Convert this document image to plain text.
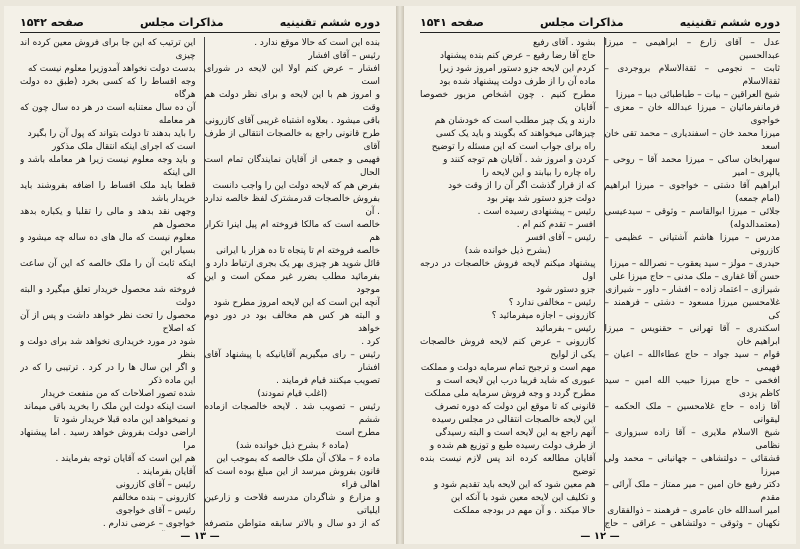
دوره ششم تقنینیه
مذاکرات مجلس
صفحه ۱۵۴۲

بنده این است که حالا موقع ندارد .

رئیس – آقای افشار

افشار – عرض کنم اولا این لایحه در شورای است

و امروز هم با این لایحه و برای نظر دولت هم وقت

باقی میشود . بعلاوه اشتباه غریبی آقای کازرونی

طرح قانونی راجع به خالصجات انتقالی از طرف آقای

فهیمی و جمعی از آقایان نمایندگان تمام است الحال

بفرض هم که لایحه دولت این را واجب دانست

بفروش خالصجات قدرمشترک لفظ خالصه ندارد . آن

خالصه است که مالکا فروخته ام پیل اینرا تکرار هم

خالصه فروخته ام تا پنجاه تا ده هزار با ایرانی

قائل شوید هر چیزی بهر یک بجری ارتباط دارد و

بفرمائید مطلب بضرر غیر ممکن است و این موجود

آنچه این است که این لایحه امروز مطرح شود

و البته هر کس هم مخالف بود در دور دوم خواهد

کرد .

رئیس – رای میگیریم آقایانیکه با پیشنهاد آقای افشار

تصویب میکنند قیام فرمایند .

(اغلب قیام نمودند)

رئیس – تصویب شد . لایحه خالصجات ازماده ششم

مطرح است

(ماده ۶ بشرح ذیل خوانده شد)

ماده ۶ – ملاک آن ملک خالصه که بموجب این

قانون بفروش میرسد از این مبلغ بوده است که اهالی قراء

و مزارع و شاگردان مدرسه فلاحت و زارعین ایلیاتی

که از دو سال و بالاتر سابقه متواطن متصرفه

این ترتیب که این جا برای فروش معین کرده اند چیزی

بدست دولت نخواهد آمدوزیرا معلوم نیست که

وجه اقساط را که کسی بخرد (طبق ده دولت هرگاه

آن ده سال معتنابه است در هر ده سال چون که هر معامله

را باید بدهند تا دولت بتواند که پول آن را بگیرد

است که اجرای اینکه انتقال ملک مذکور

و باید وجه معلوم نیست زیرا هر معامله باشد و الی اینکه

قطعا باید ملک اقساط را اضافه بفروشند باید خریدار باشد

وجهی نقد بدهد و مالی را تقلبا و یکباره بدهد محصول هم

معلوم نیست که مال های ده ساله چه میشود و بسیار این

اینکه ثابت آن را ملک خالصه که این آن ساعت که

فروخته شد محصول خریدار تعلق میگیرد و البته دولت

محصول را تحت نظر خواهد داشت و پس از آن که اصلاح

شود در مورد خریداری نخواهد شد برای دولت و بنظر

و اگر این سال ها را در کرد . ترتیبی را که در این ماده ذکر

شده تصور اصلاحات که من منفعت خریدار

است اینکه دولت این ملک را بخرید باقی میماند

و نمیخواهد این ماده قبلا خریدار شود تا

اراضی دولت بفروش خواهد رسید . اما پیشنهاد مرا

هم این است که آقایان توجه بفرمایند .

آقایان بفرمایند .

رئیس – آقای کازرونی

کازرونی – بنده مخالفم

رئیس – آقای خواجوی

خواجوی – عرضی ندارم .

— ۱۳ —
دوره ششم تقنینیه
مذاکرات مجلس
صفحه ۱۵۴۱

عدل – آقای زارع – ابراهیمی – میرزا عبدالحسین

ثابت – نجومی – ثقةالاسلام بروجردی – ثقةالاسلام

شیخ العراقین – بیات – طباطبائی دیبا – میرزا

فرمانفرمائیان – میرزا عبدالله خان – معزی – خواجوی

میرزا محمد خان – اسفندیاری – محمد تقی خان اسعد

سهرابخان ساکی – میرزا محمد آقا – روحی – یالپری – امیر

ابراهیم آقا دشتی – خواجوی – میرزا ابراهیم (امام جمعه)

جلائی – میرزا ابوالقاسم – وثوقی – سیدعیسی (معتمدالدوله)

مدرس – میرزا هاشم آشتیانی – عظیمی – کازرونی

حیدری – مولز – سید یعقوب – نصرالله – میرزا

حسن آقا غفاری – ملک مدنی – حاج میرزا علی

شیرازی – اعتماد زاده – افشار – داور – شیرازی

غلامحسین میرزا مسعود – دشتی – فرهمند – کی

اسکندری – آقا تهرانی – حقنویس – میرزا ابراهیم خان

قوام – سید جواد – حاج عطاءالله – اعیان – فهیمی

افخمی – حاج میرزا حبیب الله امین – سید کاظم یزدی

آقا زاده – حاج غلامحسین – ملک الحکمه – لیقوانی

شیخ الاسلام ملایری – آقا زاده سبزواری – نظامی

قشقائی – دولتشاهی – جهانبانی – محمد ولی میرزا

دکتر رفیع خان امین – میر ممتاز – ملک آرائی – مقدم

امیر اسدالله خان عامری – فرهمند – ذوالفقاری

نکهبان – وثوقی – دولتشاهی – عراقی – حاج

بشود . آقای رفیع

حاج آقا رضا رفیع – عرض کنم بنده پیشنهاد

کردم این لایحه جزو دستور امروز شود زیرا

ماده آن را از طرف دولت پیشنهاد شده بود

مطرح کنیم . چون اشخاص مزبور خصوصا آقایان

دارند و یک چیز مطلب است که خودشان هم

چیزهائی میخواهند که بگویند و باید یک کسی

راه برای جواب است که این مسئله را توضیح

کردن و امروز شد . آقایان هم توجه کنند و

راه چاره را بیابند و این لایحه را

که از قرار گذشت اگر آن را از وقت خود

دولت جزو دستور شد بهتر بود

رئیس – پیشنهادی رسیده است .

افسر – تقدم کنم ام .

رئیس – آقای افسر

(بشرح ذیل خوانده شد)

پیشنهاد میکنم لایحه فروش خالصجات در درجه اول

جزو دستور شود

رئیس – مخالفی ندارد ؟

کازرونی – اجازه میفرمائید ؟

رئیس – بفرمائید

کازرونی – عرض کنم لایحه فروش خالصجات یکی از لوایح

مهم است و ترجیح تمام سرمایه دولت و مملکت

عبوری که شاید قریبا درب این لایحه است و

مطرح گردد و وجه فروش سرمایه ملی مملکت

قانونی که تا موقع این دولت که دوره تصرف

این لایحه خالصجات انتقالی در مجلس رسیده

آنهم راجع به این لایحه است و البته رسیدگی

از طرف دولت رسیده طبع و توزیع هم شده و

آقایان مطالعه کرده اند پس لازم نیست بنده توضیح

هم معین شود که این لایحه باید تقدیم شود و

و تکلیف این لایحه معین شود با آنکه این

حالا میکند . و آن مهم در بودجه مملکت

— ۱۲ —
